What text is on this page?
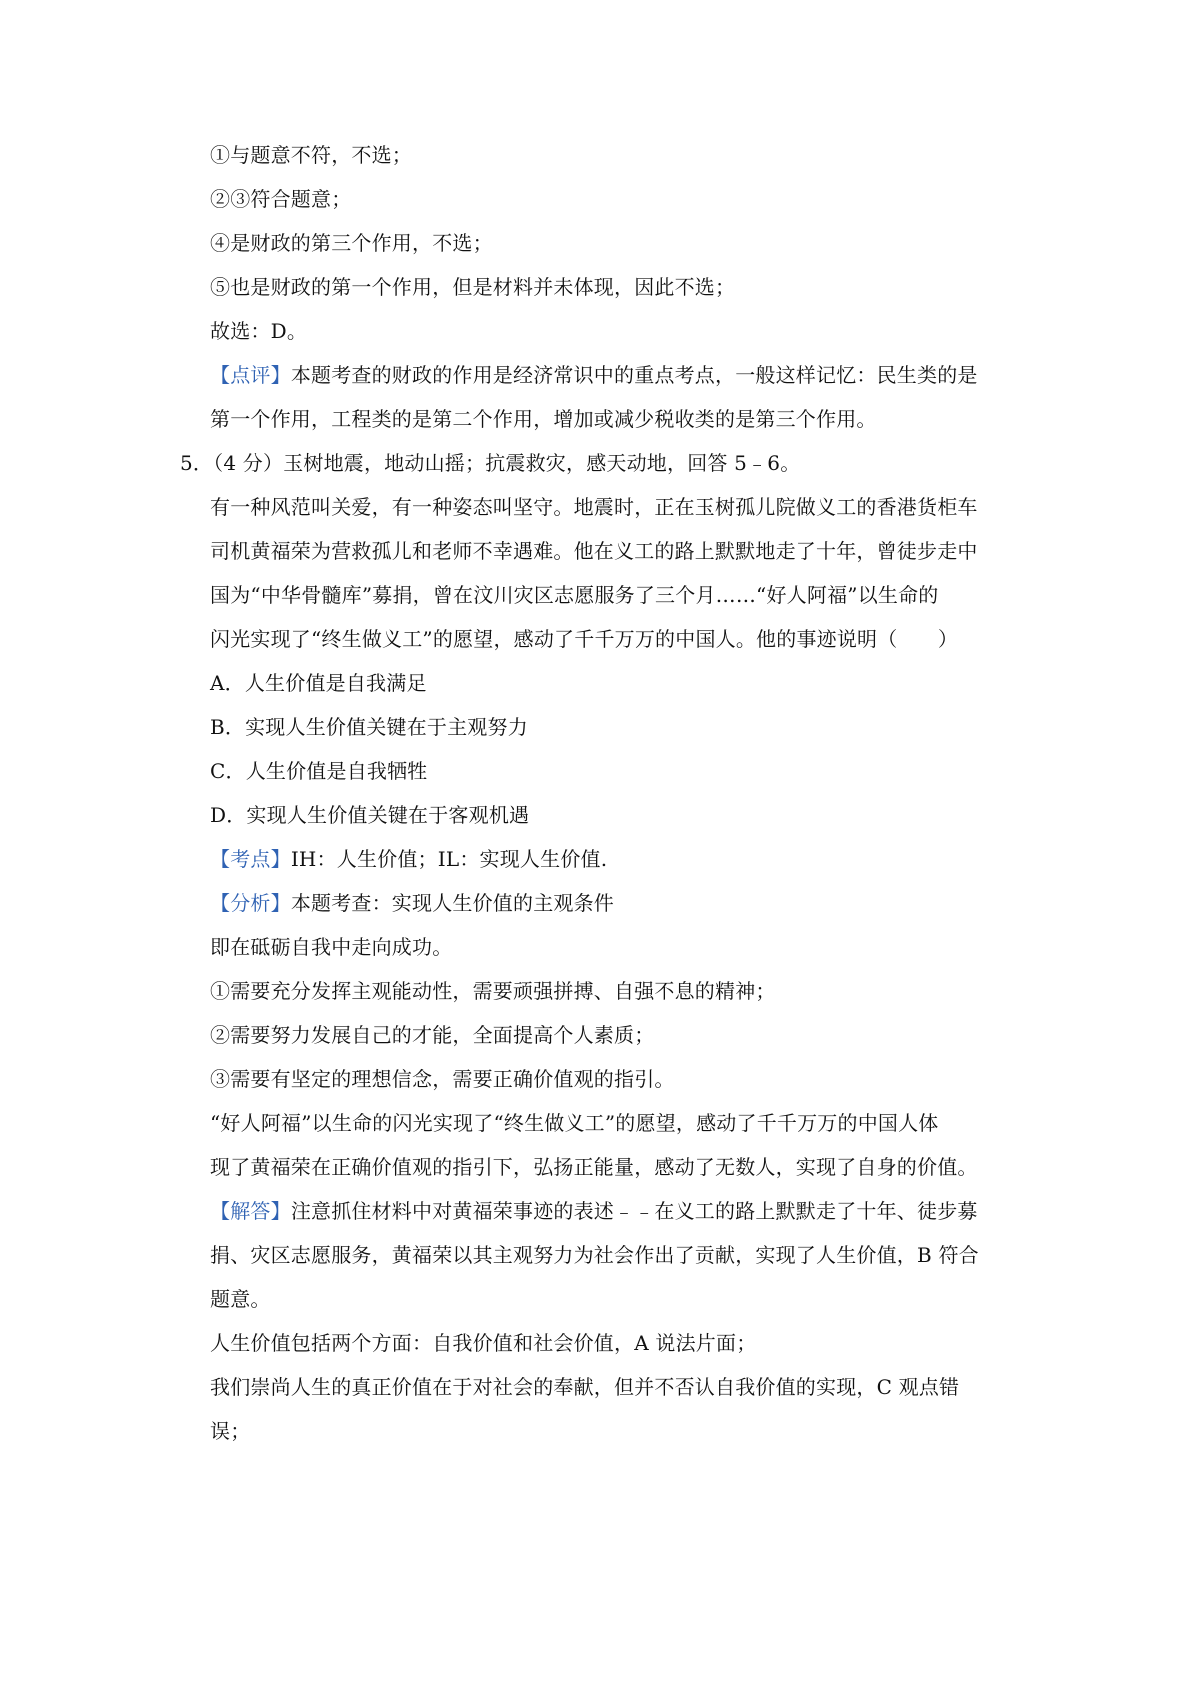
①与题意不符，不选；
②③符合题意；
④是财政的第三个作用，不选；
⑤也是财政的第一个作用，但是材料并未体现，因此不选；
故选：D。
【点评】本题考查的财政的作用是经济常识中的重点考点，一般这样记忆：民生类的是
第一个作用，工程类的是第二个作用，增加或减少税收类的是第三个作用。
5．（4 分）玉树地震，地动山摇；抗震救灾，感天动地，回答 5﹣6。
有一种风范叫关爱，有一种姿态叫坚守。地震时，正在玉树孤儿院做义工的香港货柜车
司机黄福荣为营救孤儿和老师不幸遇难。他在义工的路上默默地走了十年，曾徒步走中
国为“中华骨髓库”募捐，曾在汶川灾区志愿服务了三个月……“好人阿福”以生命的
闪光实现了“终生做义工”的愿望，感动了千千万万的中国人。他的事迹说明（　　）
A．人生价值是自我满足
B．实现人生价值关键在于主观努力
C．人生价值是自我牺牲
D．实现人生价值关键在于客观机遇
【考点】IH：人生价值；IL：实现人生价值.
【分析】本题考查：实现人生价值的主观条件
即在砥砺自我中走向成功。
①需要充分发挥主观能动性，需要顽强拼搏、自强不息的精神；
②需要努力发展自己的才能，全面提高个人素质；
③需要有坚定的理想信念，需要正确价值观的指引。
“好人阿福”以生命的闪光实现了“终生做义工”的愿望，感动了千千万万的中国人体
现了黄福荣在正确价值观的指引下，弘扬正能量，感动了无数人，实现了自身的价值。
【解答】注意抓住材料中对黄福荣事迹的表述﹣﹣在义工的路上默默走了十年、徒步募
捐、灾区志愿服务，黄福荣以其主观努力为社会作出了贡献，实现了人生价值，B 符合
题意。
人生价值包括两个方面：自我价值和社会价值，A 说法片面；
我们崇尚人生的真正价值在于对社会的奉献，但并不否认自我价值的实现，C 观点错
误；
